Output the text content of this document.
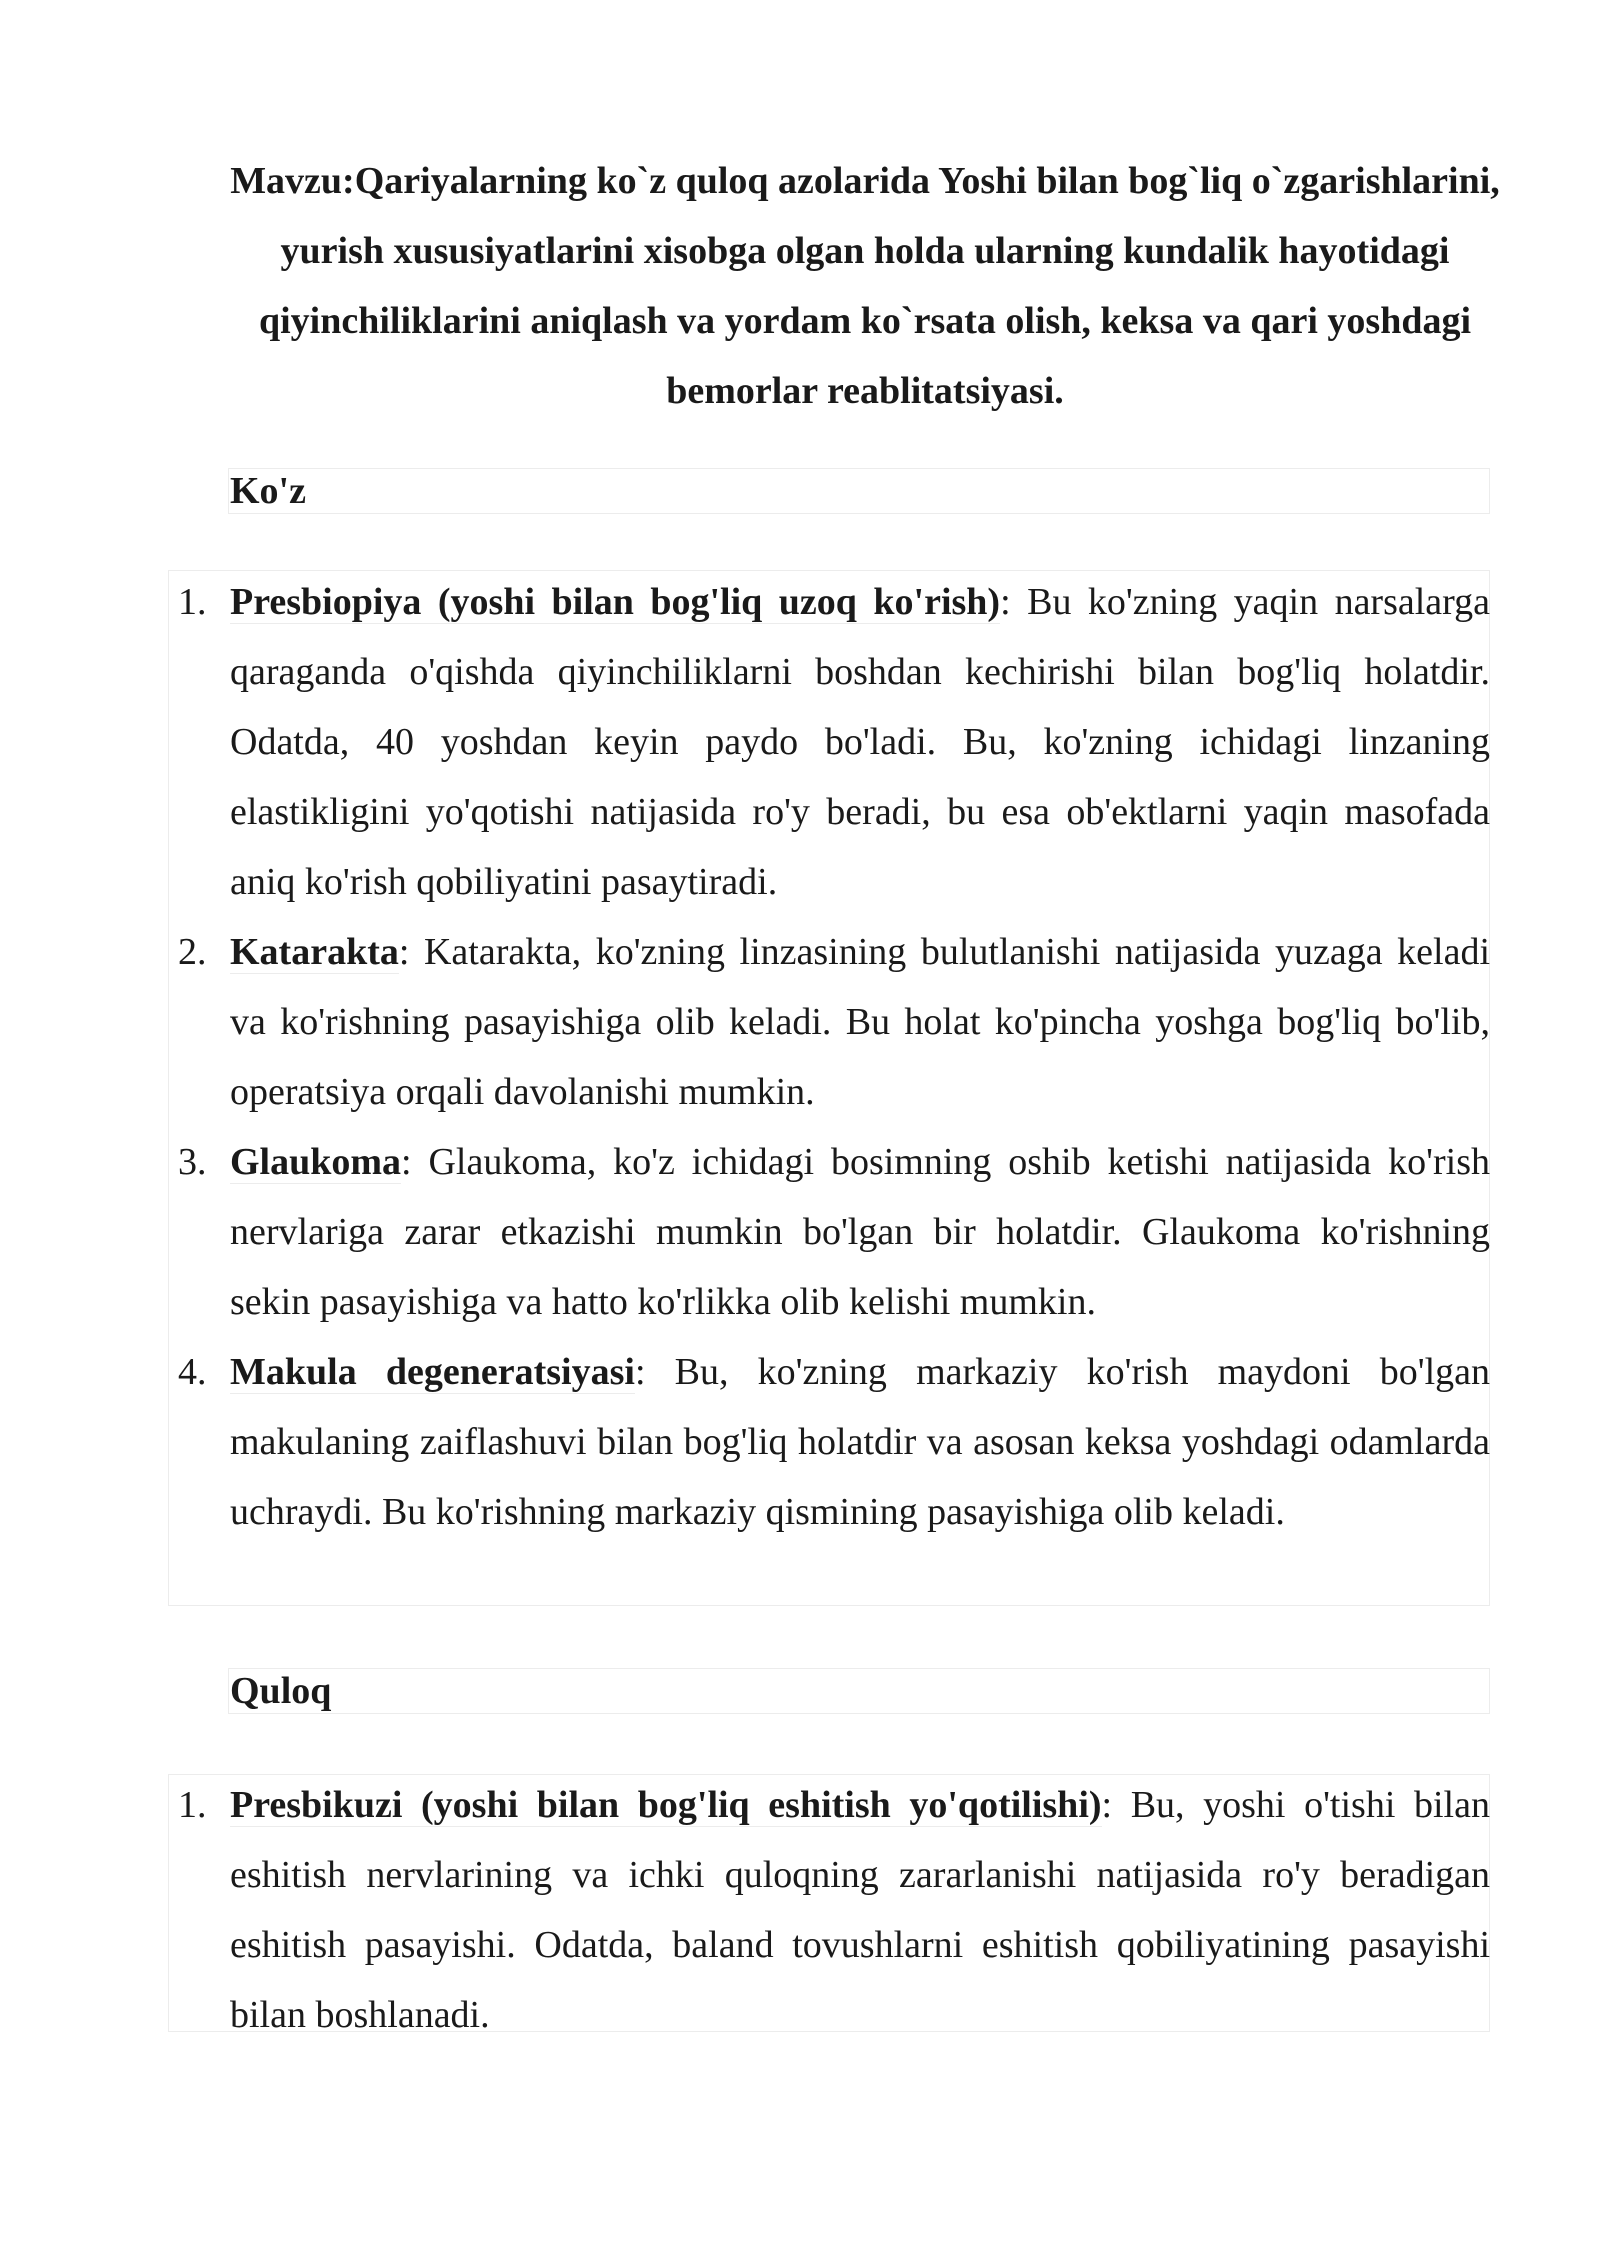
Mavzu:Qariyalarning ko`z quloq azolarida Yoshi bilan bog`liq o`zgarishlarini, yurish xususiyatlarini xisobga olgan holda ularning kundalik hayotidagi qiyinchiliklarini aniqlash va yordam ko`rsata olish, keksa va qari yoshdagi bemorlar reablitatsiyasi.
Ko'z
1. Presbiopiya (yoshi bilan bog'liq uzoq ko'rish): Bu ko'zning yaqin narsalarga qaraganda o'qishda qiyinchiliklarni boshdan kechirishi bilan bog'liq holatdir. Odatda, 40 yoshdan keyin paydo bo'ladi. Bu, ko'zning ichidagi linzaning elastikligini yo'qotishi natijasida ro'y beradi, bu esa ob'ektlarni yaqin masofada aniq ko'rish qobiliyatini pasaytiradi.

2. Katarakta: Katarakta, ko'zning linzasining bulutlanishi natijasida yuzaga keladi va ko'rishning pasayishiga olib keladi. Bu holat ko'pincha yoshga bog'liq bo'lib, operatsiya orqali davolanishi mumkin.

3. Glaukoma: Glaukoma, ko'z ichidagi bosimning oshib ketishi natijasida ko'rish nervlariga zarar etkazishi mumkin bo'lgan bir holatdir. Glaukoma ko'rishning sekin pasayishiga va hatto ko'rlikka olib kelishi mumkin.

4. Makula degeneratsiyasi: Bu, ko'zning markaziy ko'rish maydoni bo'lgan makulaning zaiflashuvi bilan bog'liq holatdir va asosan keksa yoshdagi odamlarda uchraydi. Bu ko'rishning markaziy qismining pasayishiga olib keladi.

Quloq
1. Presbikuzi (yoshi bilan bog'liq eshitish yo'qotilishi): Bu, yoshi o'tishi bilan eshitish nervlarining va ichki quloqning zararlanishi natijasida ro'y beradigan eshitish pasayishi. Odatda, baland tovushlarni eshitish qobiliyatining pasayishi bilan boshlanadi.
